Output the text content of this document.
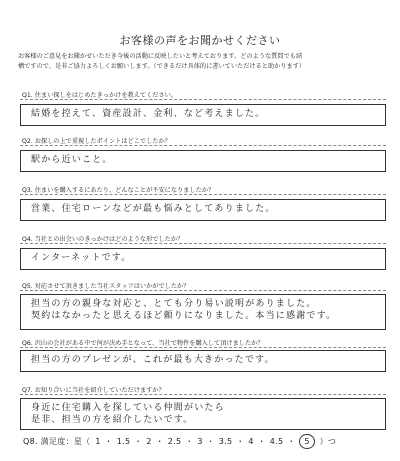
お客様の声をお聞かせください
お客様のご意見をお聞かせいただき今後の活動に反映したいと考えております。どのような質問でも結
構ですので、是非ご協力よろしくお願いします。（できるだけ具体的に書いていただけると助かります）
Q1. 住まい探しをはじめたきっかけを教えてください。
結婚を控えて、資産設計、金利、など考えました。
Q2. お探しの上で重視したポイントはどこでしたか？
駅から近いこと。
Q3. 住まいを購入するにあたり、どんなことが不安になりましたか？
営業、住宅ローンなどが最も悩みとしてありました。
Q4. 当社との出会いのきっかけはどのような形でしたか？
インターネットです。
Q5. 対応させて頂きました当社スタッフはいかがでしたか？
担当の方の親身な対応と、とても分り易い説明がありました。
契約はなかったと思えるほど頼りになりました。本当に感謝です。
Q6. 沢山の会社がある中で何が決め手となって、当社で物件を購入して頂けましたか？
担当の方のプレゼンが、これが最も大きかったです。
Q7. お知り合いに当社を紹介していただけますか？
身近に住宅購入を探している仲間がいたら
是非、担当の方を紹介したいです。
Q8. 満足度：星（ 1 ・ 1.5 ・ 2 ・ 2.5 ・ 3 ・ 3.5 ・ 4 ・ 4.5 ・ 5 ）つ
